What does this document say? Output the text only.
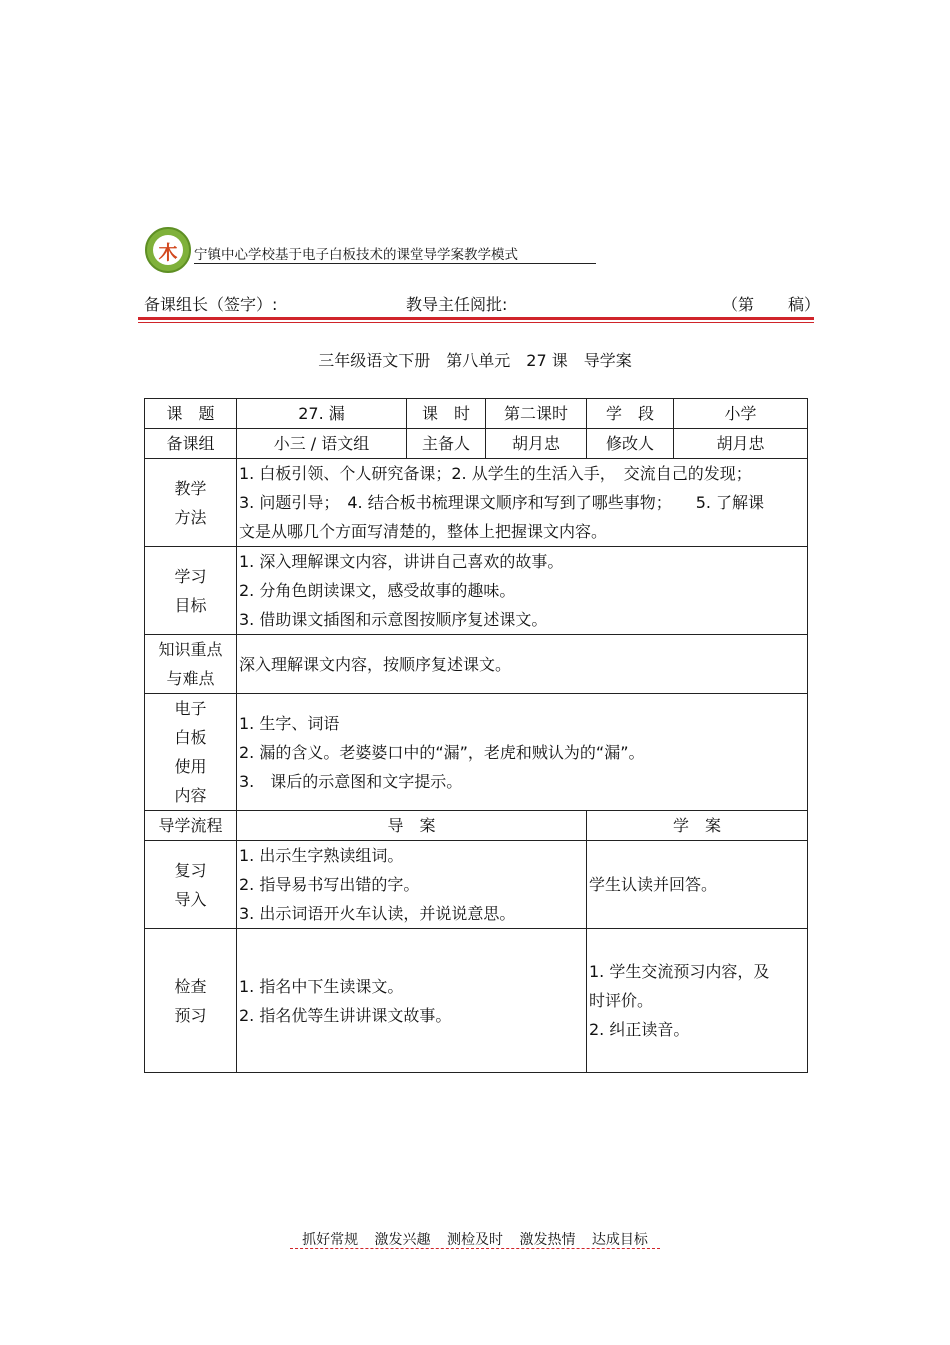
木	宁镇中心学校基于电子白板技术的课堂导学案教学模式
备课组长（签字）:	教导主任阅批:	（第 稿）
三年级语文下册　第八单元　27 课　导学案
课　题	27. 漏	课　时	第二课时	学　段	小学
备课组	小三 / 语文组	主备人	胡月忠	修改人	胡月忠

教学
方法	1. 白板引领、个人研究备课；2. 从学生的生活入手，　交流自己的发现；
3. 问题引导；　4. 结合板书梳理课文顺序和写到了哪些事物；　　5. 了解课
文是从哪几个方面写清楚的，整体上把握课文内容。				

学习
目标	1. 深入理解课文内容，讲讲自己喜欢的故事。
2. 分角色朗读课文，感受故事的趣味。
3. 借助课文插图和示意图按顺序复述课文。				

知识重点
与难点	深入理解课文内容，按顺序复述课文。				

电子
白板
使用
内容	1. 生字、词语
2. 漏的含义。老婆婆口中的“漏”，老虎和贼认为的“漏”。
3.　课后的示意图和文字提示。				

导学流程	导　案			学　案	

复习
导入	1. 出示生字熟读组词。
2. 指导易书写出错的字。
3. 出示词语开火车认读，并说说意思。			学生认读并回答。	

检查
预习	1. 指名中下生读课文。
2. 指名优等生讲讲课文故事。			1. 学生交流预习内容，及
时评价。
2. 纠正读音。	
抓好常规 激发兴趣 测检及时 激发热情 达成目标
